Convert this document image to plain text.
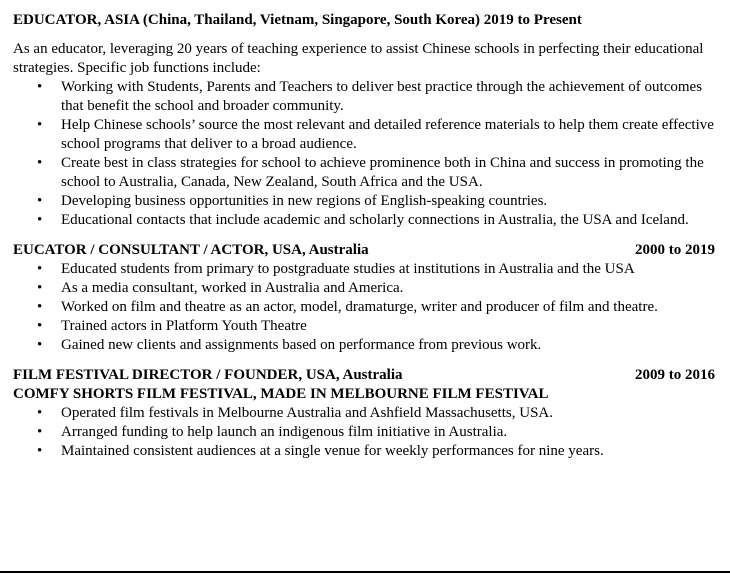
EDUCATOR, ASIA (China, Thailand, Vietnam, Singapore, South Korea) 2019 to Present
As an educator, leveraging 20 years of teaching experience to assist Chinese schools in perfecting their educational strategies. Specific job functions include:
• Working with Students, Parents and Teachers to deliver best practice through the achievement of outcomes that benefit the school and broader community.
• Help Chinese schools’ source the most relevant and detailed reference materials to help them create effective school programs that deliver to a broad audience.
• Create best in class strategies for school to achieve prominence both in China and success in promoting the school to Australia, Canada, New Zealand, South Africa and the USA.
• Developing business opportunities in new regions of English-speaking countries.
• Educational contacts that include academic and scholarly connections in Australia, the USA and Iceland.
EUCATOR / CONSULTANT / ACTOR, USA, Australia	2000 to 2019
• Educated students from primary to postgraduate studies at institutions in Australia and the USA
• As a media consultant, worked in Australia and America.
• Worked on film and theatre as an actor, model, dramaturge, writer and producer of film and theatre.
• Trained actors in Platform Youth Theatre
• Gained new clients and assignments based on performance from previous work.
FILM FESTIVAL DIRECTOR / FOUNDER, USA, Australia	2009 to 2016
COMFY SHORTS FILM FESTIVAL, MADE IN MELBOURNE FILM FESTIVAL
• Operated film festivals in Melbourne Australia and Ashfield Massachusetts, USA.
• Arranged funding to help launch an indigenous film initiative in Australia.
• Maintained consistent audiences at a single venue for weekly performances for nine years.
